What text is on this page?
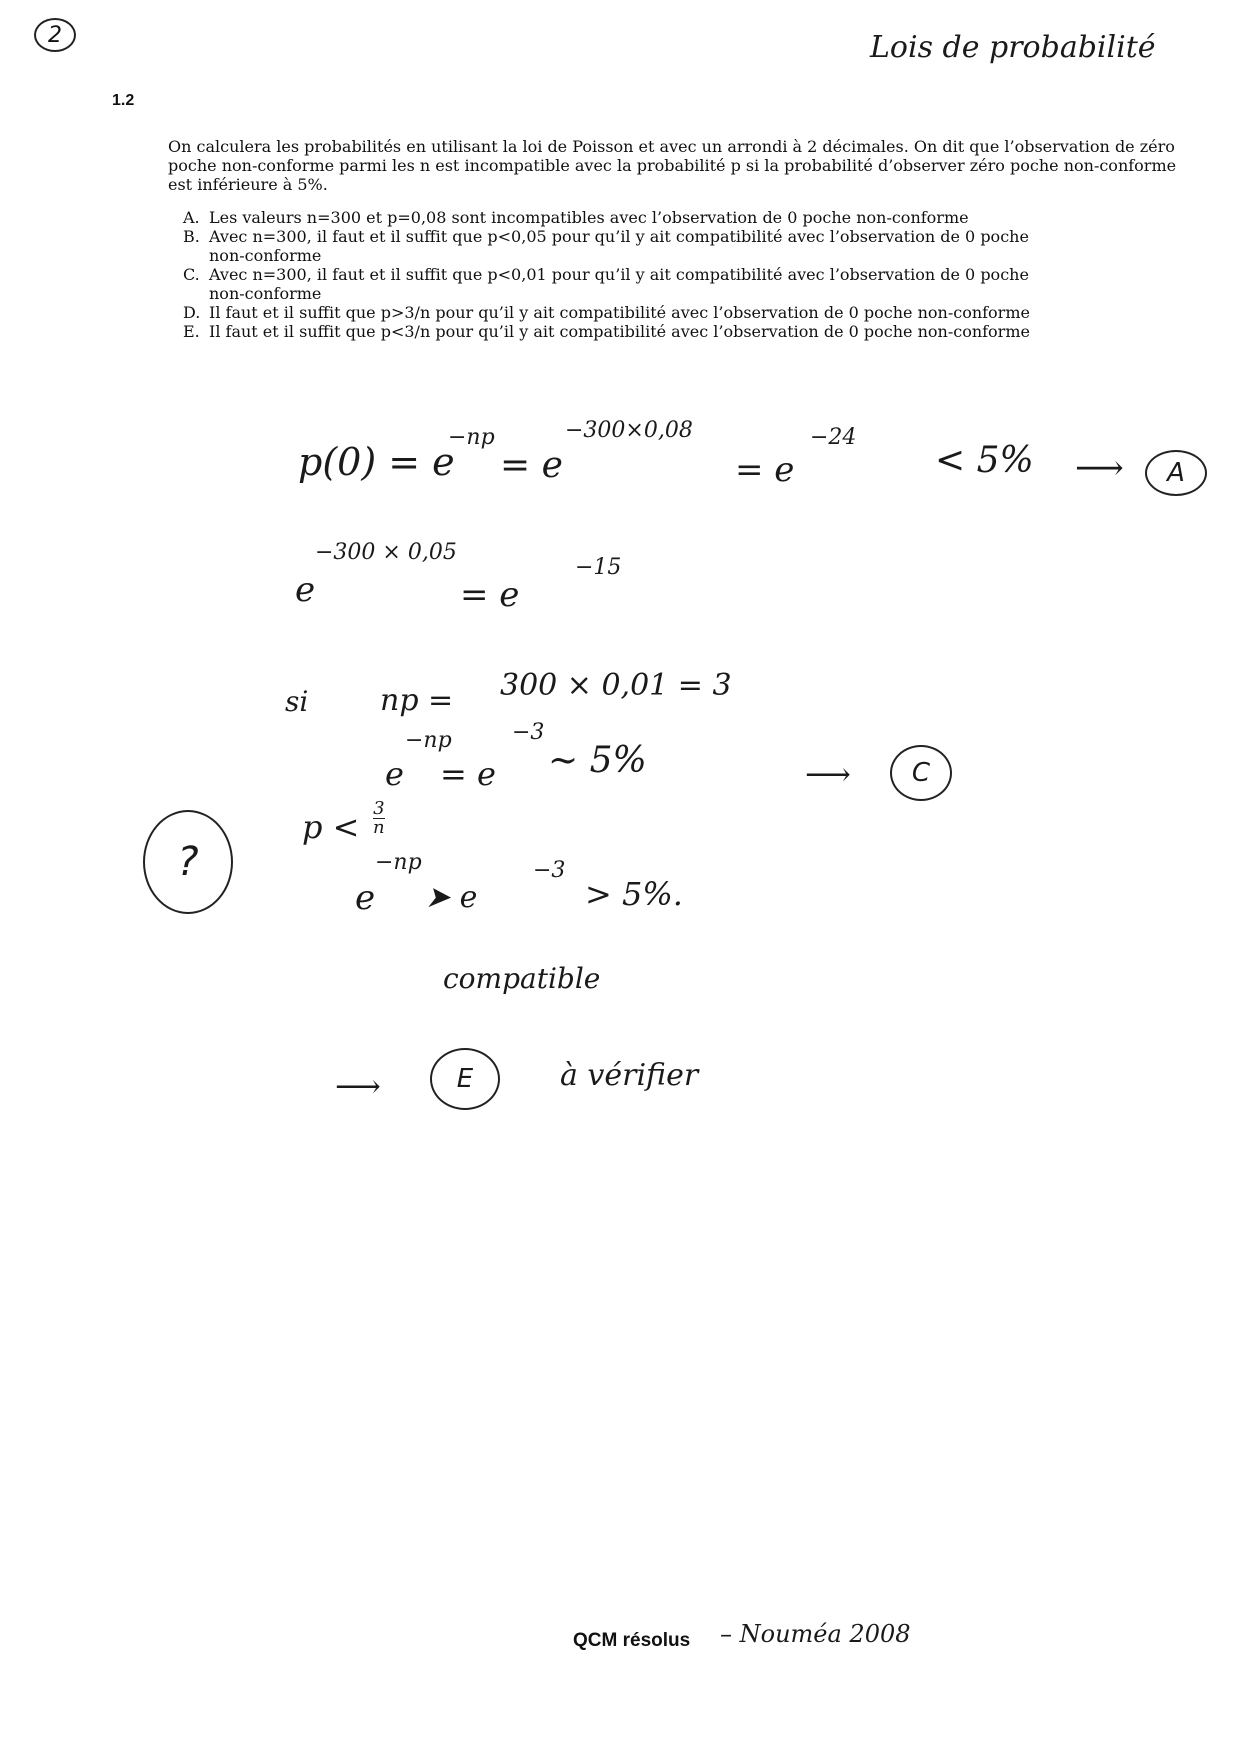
2	Lois de probabilité
1.2

On calculera les probabilités en utilisant la loi de Poisson et avec un arrondi à 2 décimales. On dit que l’observation de zéro poche non-conforme parmi les n est incompatible avec la probabilité p si la probabilité d’observer zéro poche non-conforme est inférieure à 5%.

A. Les valeurs n=300 et p=0,08 sont incompatibles avec l’observation de 0 poche non-conforme
B. Avec n=300, il faut et il suffit que p<0,05 pour qu’il y ait compatibilité avec l’observation de 0 poche non-conforme
C. Avec n=300, il faut et il suffit que p<0,01 pour qu’il y ait compatibilité avec l’observation de 0 poche non-conforme
D. Il faut et il suffit que p>3/n pour qu’il y ait compatibilité avec l’observation de 0 poche non-conforme
E. Il faut et il suffit que p<3/n pour qu’il y ait compatibilité avec l’observation de 0 poche non-conforme
p(0) = e
−np
= e
−300×0,08
= e
−24
< 5% ⟶ A
e
−300 × 0,05
= e
−15
si np = 300 × 0,01 = 3
e
−np
= e
−3
~ 5%	⟶ C
?
$p < \frac{3}{n}$
e
−np
➤ e
−3
> 5%.
compatible
⟶	E	à vérifier
QCM résolus – Nouméa 2008
